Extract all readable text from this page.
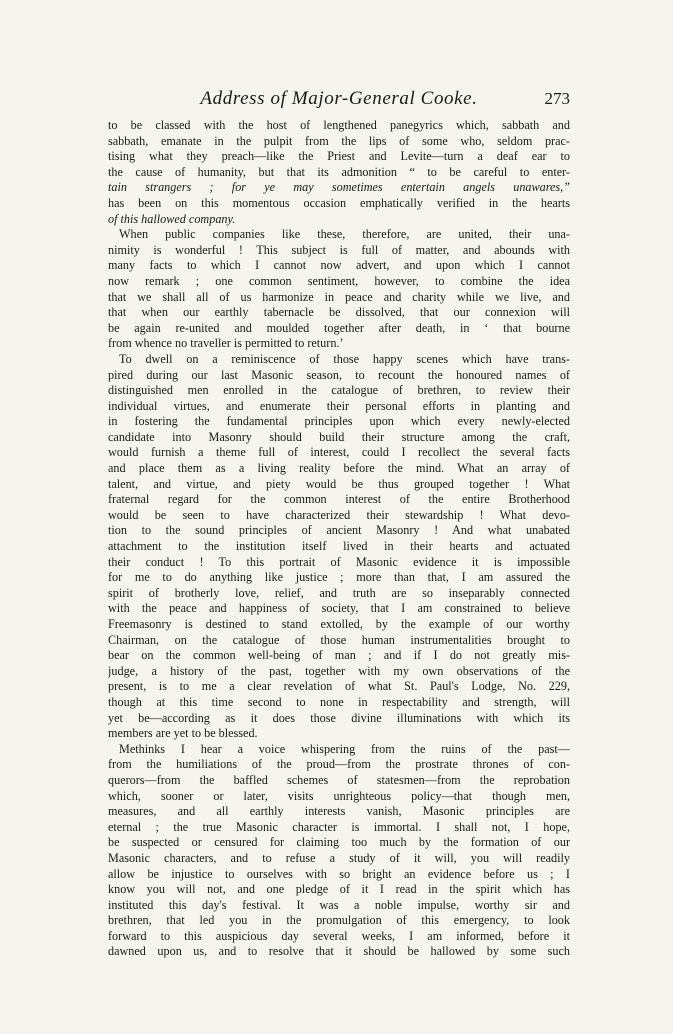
Address of Major-General Cooke.	273
to be classed with the host of lengthened panegyrics which, sabbath and
sabbath, emanate in the pulpit from the lips of some who, seldom prac-
tising what they preach—like the Priest and Levite—turn a deaf ear to
the cause of humanity, but that its admonition “ to be careful to enter-
tain strangers ; for ye may sometimes entertain angels unawares,”
has been on this momentous occasion emphatically verified in the hearts
of this hallowed company.
When public companies like these, therefore, are united, their una-
nimity is wonderful ! This subject is full of matter, and abounds with
many facts to which I cannot now advert, and upon which I cannot
now remark ; one common sentiment, however, to combine the idea
that we shall all of us harmonize in peace and charity while we live, and
that when our earthly tabernacle be dissolved, that our connexion will
be again re-united and moulded together after death, in ‘ that bourne
from whence no traveller is permitted to return.’
To dwell on a reminiscence of those happy scenes which have trans-
pired during our last Masonic season, to recount the honoured names of
distinguished men enrolled in the catalogue of brethren, to review their
individual virtues, and enumerate their personal efforts in planting and
in fostering the fundamental principles upon which every newly-elected
candidate into Masonry should build their structure among the craft,
would furnish a theme full of interest, could I recollect the several facts
and place them as a living reality before the mind. What an array of
talent, and virtue, and piety would be thus grouped together ! What
fraternal regard for the common interest of the entire Brotherhood
would be seen to have characterized their stewardship ! What devo-
tion to the sound principles of ancient Masonry ! And what unabated
attachment to the institution itself lived in their hearts and actuated
their conduct ! To this portrait of Masonic evidence it is impossible
for me to do anything like justice ; more than that, I am assured the
spirit of brotherly love, relief, and truth are so inseparably connected
with the peace and happiness of society, that I am constrained to believe
Freemasonry is destined to stand extolled, by the example of our worthy
Chairman, on the catalogue of those human instrumentalities brought to
bear on the common well-being of man ; and if I do not greatly mis-
judge, a history of the past, together with my own observations of the
present, is to me a clear revelation of what St. Paul's Lodge, No. 229,
though at this time second to none in respectability and strength, will
yet be—according as it does those divine illuminations with which its
members are yet to be blessed.
Methinks I hear a voice whispering from the ruins of the past—
from the humiliations of the proud—from the prostrate thrones of con-
querors—from the baffled schemes of statesmen—from the reprobation
which, sooner or later, visits unrighteous policy—that though men,
measures, and all earthly interests vanish, Masonic principles are
eternal ; the true Masonic character is immortal. I shall not, I hope,
be suspected or censured for claiming too much by the formation of our
Masonic characters, and to refuse a study of it will, you will readily
allow be injustice to ourselves with so bright an evidence before us ; I
know you will not, and one pledge of it I read in the spirit which has
instituted this day's festival. It was a noble impulse, worthy sir and
brethren, that led you in the promulgation of this emergency, to look
forward to this auspicious day several weeks, I am informed, before it
dawned upon us, and to resolve that it should be hallowed by some such
